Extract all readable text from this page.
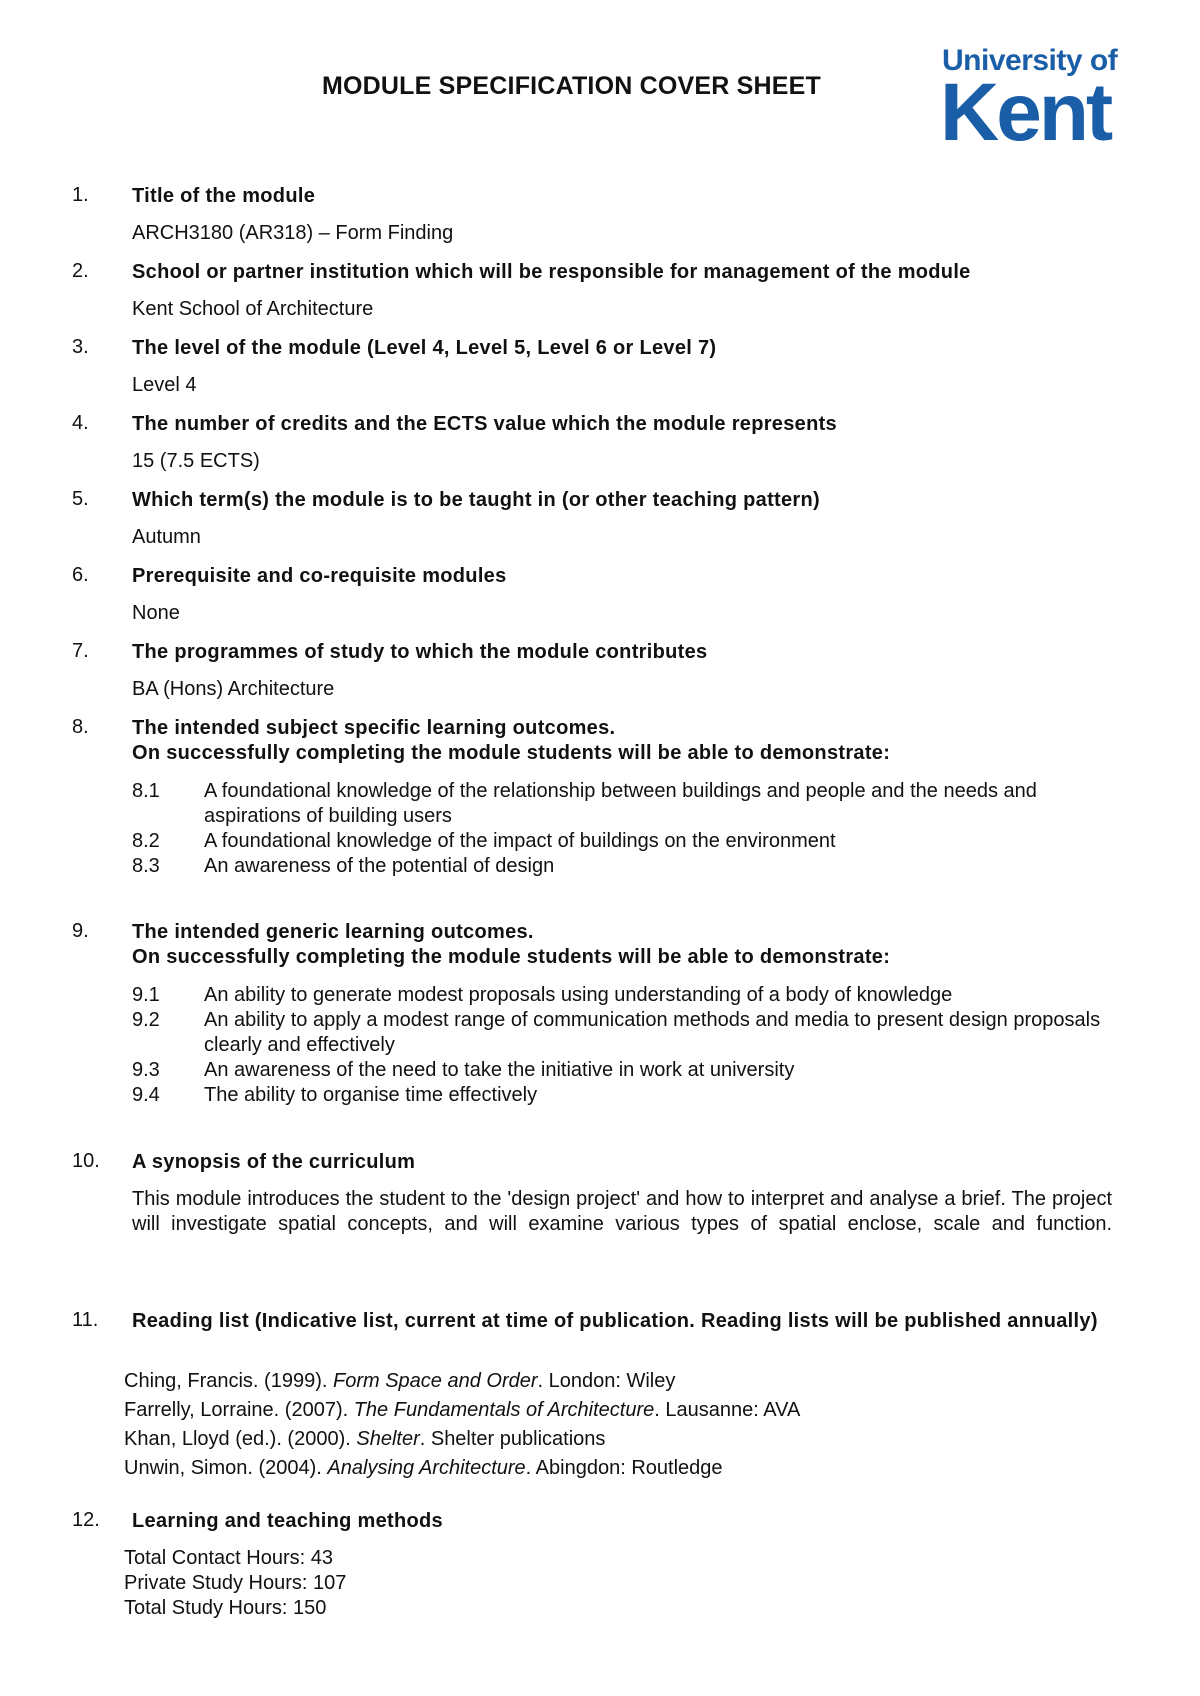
MODULE SPECIFICATION COVER SHEET
University of
Kent
1. Title of the module
ARCH3180 (AR318) – Form Finding
2. School or partner institution which will be responsible for management of the module
Kent School of Architecture
3. The level of the module (Level 4, Level 5, Level 6 or Level 7)
Level 4
4. The number of credits and the ECTS value which the module represents
15 (7.5 ECTS)
5. Which term(s) the module is to be taught in (or other teaching pattern)
Autumn
6. Prerequisite and co-requisite modules
None
7. The programmes of study to which the module contributes
BA (Hons) Architecture
8. The intended subject specific learning outcomes.
On successfully completing the module students will be able to demonstrate:
8.1 A foundational knowledge of the relationship between buildings and people and the needs and aspirations of building users
8.2 A foundational knowledge of the impact of buildings on the environment
8.3 An awareness of the potential of design
9. The intended generic learning outcomes.
On successfully completing the module students will be able to demonstrate:
9.1 An ability to generate modest proposals using understanding of a body of knowledge
9.2 An ability to apply a modest range of communication methods and media to present design proposals clearly and effectively
9.3 An awareness of the need to take the initiative in work at university
9.4 The ability to organise time effectively
10. A synopsis of the curriculum
This module introduces the student to the 'design project' and how to interpret and analyse a brief. The project will investigate spatial concepts, and will examine various types of spatial enclose, scale and function.
11. Reading list (Indicative list, current at time of publication. Reading lists will be published annually)
Ching, Francis. (1999). Form Space and Order. London: Wiley
Farrelly, Lorraine. (2007). The Fundamentals of Architecture. Lausanne: AVA
Khan, Lloyd (ed.). (2000). Shelter. Shelter publications
Unwin, Simon. (2004). Analysing Architecture. Abingdon: Routledge
12. Learning and teaching methods
Total Contact Hours: 43
Private Study Hours: 107
Total Study Hours: 150
